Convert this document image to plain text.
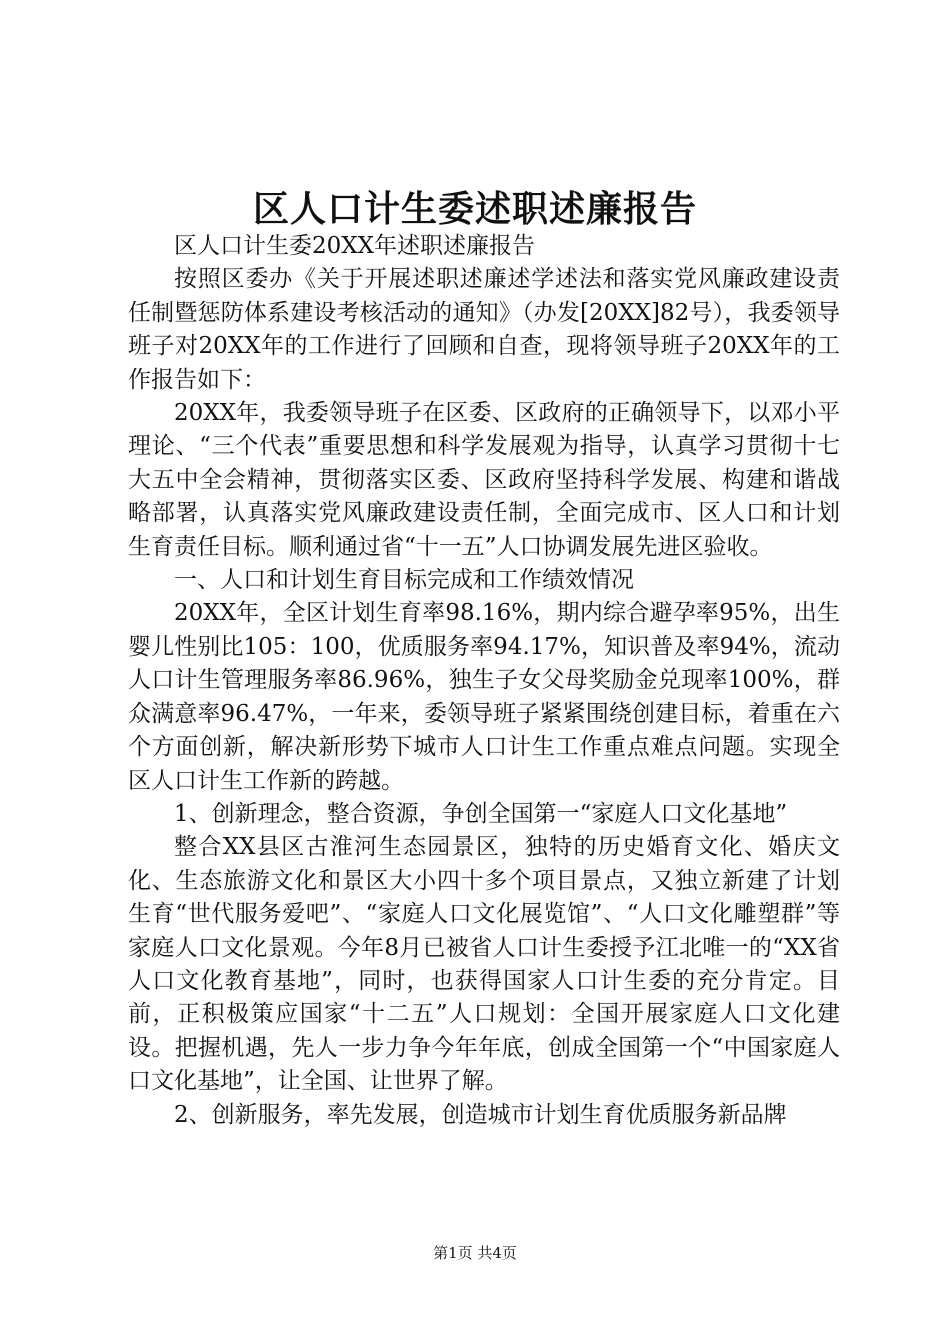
区人口计生委述职述廉报告

区人口计生委20XX年述职述廉报告

按照区委办《关于开展述职述廉述学述法和落实党风廉政建设责任制暨惩防体系建设考核活动的通知》（办发[20XX]82号），我委领导班子对20XX年的工作进行了回顾和自查，现将领导班子20XX年的工作报告如下：

20XX年，我委领导班子在区委、区政府的正确领导下，以邓小平理论、“三个代表”重要思想和科学发展观为指导，认真学习贯彻十七大五中全会精神，贯彻落实区委、区政府坚持科学发展、构建和谐战略部署，认真落实党风廉政建设责任制，全面完成市、区人口和计划生育责任目标。顺利通过省“十一五”人口协调发展先进区验收。

一、人口和计划生育目标完成和工作绩效情况

20XX年，全区计划生育率98.16%，期内综合避孕率95%，出生婴儿性别比105：100，优质服务率94.17%，知识普及率94%，流动人口计生管理服务率86.96%，独生子女父母奖励金兑现率100%，群众满意率96.47%，一年来，委领导班子紧紧围绕创建目标，着重在六个方面创新，解决新形势下城市人口计生工作重点难点问题。实现全区人口计生工作新的跨越。

1、创新理念，整合资源，争创全国第一“家庭人口文化基地”

整合XX县区古淮河生态园景区，独特的历史婚育文化、婚庆文化、生态旅游文化和景区大小四十多个项目景点，又独立新建了计划生育“世代服务爱吧”、“家庭人口文化展览馆”、“人口文化雕塑群”等家庭人口文化景观。今年8月已被省人口计生委授予江北唯一的“XX省人口文化教育基地”，同时，也获得国家人口计生委的充分肯定。目前，正积极策应国家“十二五”人口规划：全国开展家庭人口文化建设。把握机遇，先人一步力争今年年底，创成全国第一个“中国家庭人口文化基地”，让全国、让世界了解。

2、创新服务，率先发展，创造城市计划生育优质服务新品牌

第1页 共4页
